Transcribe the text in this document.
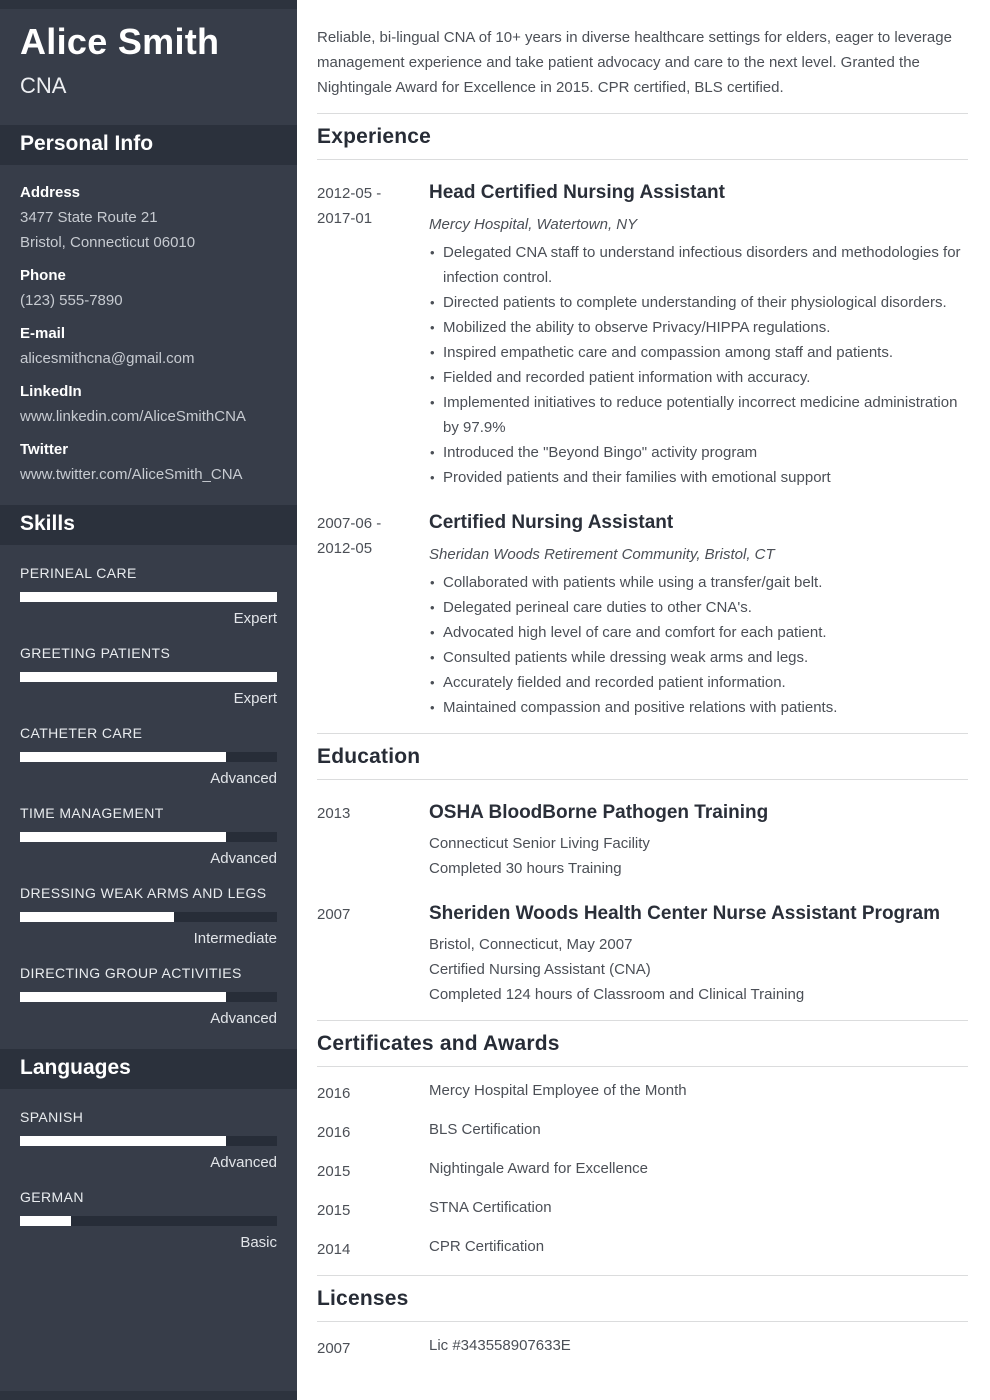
Alice Smith
CNA
Personal Info
Address
3477 State Route 21
Bristol, Connecticut 06010
Phone
(123) 555-7890
E-mail
alicesmithcna@gmail.com
LinkedIn
www.linkedin.com/AliceSmithCNA
Twitter
www.twitter.com/AliceSmith_CNA
Skills
PERINEAL CARE
Expert
GREETING PATIENTS
Expert
CATHETER CARE
Advanced
TIME MANAGEMENT
Advanced
DRESSING WEAK ARMS AND LEGS
Intermediate
DIRECTING GROUP ACTIVITIES
Advanced
Languages
SPANISH
Advanced
GERMAN
Basic

Reliable, bi-lingual CNA of 10+ years in diverse healthcare settings for elders, eager to leverage management experience and take patient advocacy and care to the next level. Granted the Nightingale Award for Excellence in 2015. CPR certified, BLS certified.

Experience
2012-05 -
2017-01
Head Certified Nursing Assistant
Mercy Hospital, Watertown, NY
• Delegated CNA staff to understand infectious disorders and methodologies for infection control.
• Directed patients to complete understanding of their physiological disorders.
• Mobilized the ability to observe Privacy/HIPPA regulations.
• Inspired empathetic care and compassion among staff and patients.
• Fielded and recorded patient information with accuracy.
• Implemented initiatives to reduce potentially incorrect medicine administration by 97.9%
• Introduced the "Beyond Bingo" activity program
• Provided patients and their families with emotional support
2007-06 -
2012-05
Certified Nursing Assistant
Sheridan Woods Retirement Community, Bristol, CT
• Collaborated with patients while using a transfer/gait belt.
• Delegated perineal care duties to other CNA's.
• Advocated high level of care and comfort for each patient.
• Consulted patients while dressing weak arms and legs.
• Accurately fielded and recorded patient information.
• Maintained compassion and positive relations with patients.
Education
2013	OSHA BloodBorne Pathogen Training
Connecticut Senior Living Facility
Completed 30 hours Training
2007	Sheriden Woods Health Center Nurse Assistant Program
Bristol, Connecticut, May 2007
Certified Nursing Assistant (CNA)
Completed 124 hours of Classroom and Clinical Training
Certificates and Awards
2016	Mercy Hospital Employee of the Month
2016	BLS Certification
2015	Nightingale Award for Excellence
2015	STNA Certification
2014	CPR Certification
Licenses
2007	Lic #343558907633E
